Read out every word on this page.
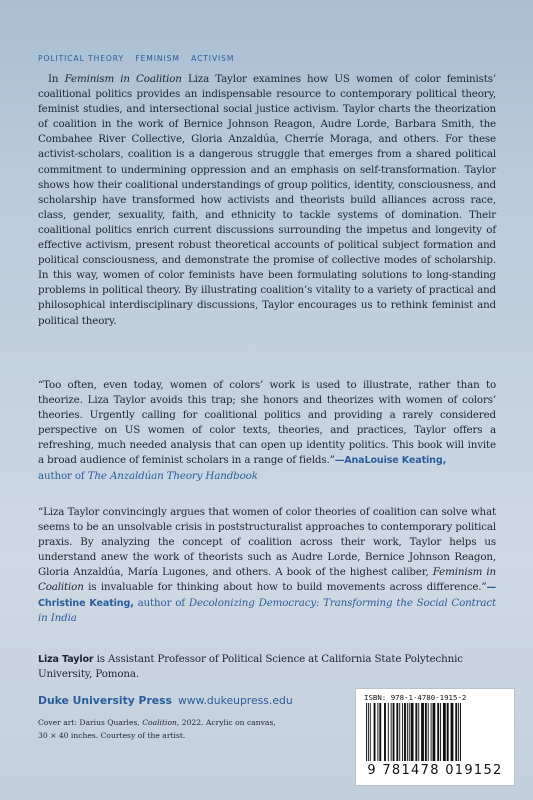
POLITICAL THEORY FEMINISM ACTIVISM
In Feminism in Coalition Liza Taylor examines how US women of color feminists’ coalitional politics provides an indispensable resource to contemporary political theory, feminist studies, and intersectional social justice activism. Taylor charts the theorization of coalition in the work of Bernice Johnson Reagon, Audre Lorde, Barbara Smith, the Combahee River Collective, Gloria Anzaldúa, Cherríe Moraga, and others. For these activist-scholars, coalition is a dangerous struggle that emerges from a shared political commitment to undermining oppression and an emphasis on self-transformation. Taylor shows how their coalitional understandings of group politics, identity, consciousness, and scholarship have transformed how activists and theorists build alliances across race, class, gender, sexuality, faith, and ethnicity to tackle systems of domination. Their coalitional politics enrich current discussions surrounding the impetus and longevity of effective activism, present robust theoretical accounts of political subject formation and political consciousness, and demonstrate the promise of collective modes of scholarship. In this way, women of color feminists have been formulating solutions to long-standing problems in political theory. By illustrating coalition’s vitality to a variety of practical and philosophical interdisciplinary discussions, Taylor encourages us to rethink feminist and political theory.
“Too often, even today, women of colors’ work is used to illustrate, rather than to theorize. Liza Taylor avoids this trap; she honors and theorizes with women of colors’ theories. Urgently calling for coalitional politics and providing a rarely considered perspective on US women of color texts, theories, and practices, Taylor offers a refreshing, much needed analysis that can open up identity politics. This book will invite a broad audience of feminist scholars in a range of fields.”—AnaLouise Keating,
author of The Anzaldúan Theory Handbook
“Liza Taylor convincingly argues that women of color theories of coalition can solve what seems to be an unsolvable crisis in poststructuralist approaches to contemporary political praxis. By analyzing the concept of coalition across their work, Taylor helps us understand anew the work of theorists such as Audre Lorde, Bernice Johnson Reagon, Gloria Anzaldúa, María Lugones, and others. A book of the highest caliber, Feminism in Coalition is invaluable for thinking about how to build movements across difference.”—Christine Keating, author of Decolonizing Democracy: Transforming the Social Contract in India
Liza Taylor is Assistant Professor of Political Science at California State Polytechnic University, Pomona.
Duke University Press www.dukeupress.edu
Cover art: Darius Quarles, Coalition, 2022. Acrylic on canvas,
30 × 40 inches. Courtesy of the artist.
ISBN: 978-1-4780-1915-2
9 781478 019152
